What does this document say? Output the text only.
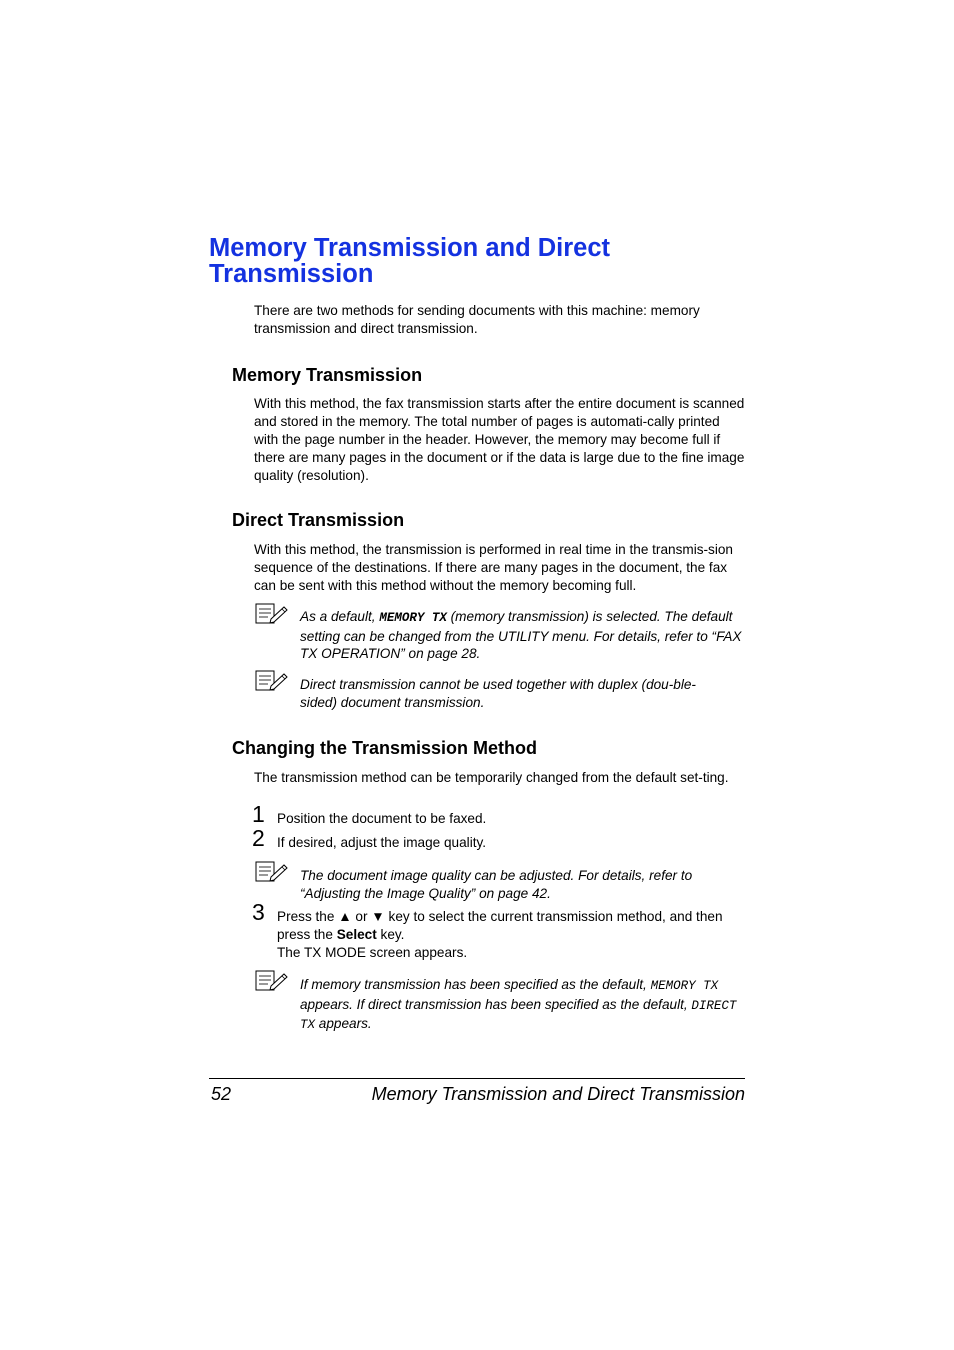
Memory Transmission and Direct Transmission

There are two methods for sending documents with this machine: memory transmission and direct transmission.

Memory Transmission

With this method, the fax transmission starts after the entire document is scanned and stored in the memory. The total number of pages is automati-cally printed with the page number in the header. However, the memory may become full if there are many pages in the document or if the data is large due to the fine image quality (resolution).

Direct Transmission

With this method, the transmission is performed in real time in the transmis-sion sequence of the destinations. If there are many pages in the document, the fax can be sent with this method without the memory becoming full.

As a default, MEMORY TX (memory transmission) is selected. The default setting can be changed from the UTILITY menu. For details, refer to “FAX TX OPERATION” on page 28.

Direct transmission cannot be used together with duplex (dou-ble-sided) document transmission.

Changing the Transmission Method

The transmission method can be temporarily changed from the default set-ting.

1 Position the document to be faxed.

2 If desired, adjust the image quality.

The document image quality can be adjusted. For details, refer to “Adjusting the Image Quality” on page 42.

3 Press the ▲ or ▼ key to select the current transmission method, and then press the Select key.
The TX MODE screen appears.

If memory transmission has been specified as the default, MEMORY TX appears. If direct transmission has been specified as the default, DIRECT TX appears.

52	Memory Transmission and Direct Transmission
